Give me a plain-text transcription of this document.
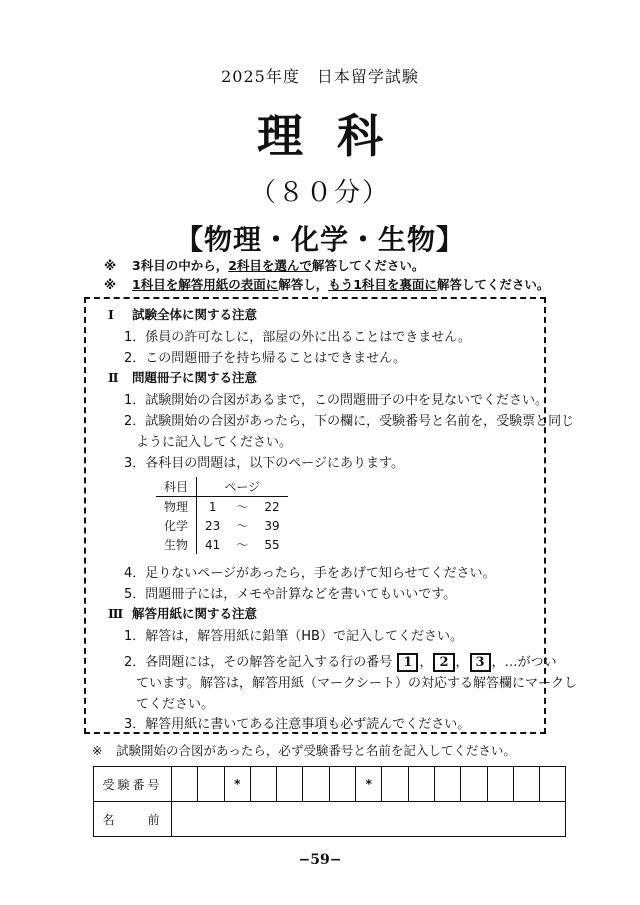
2025年度　日本留学試験
理科
（８０分）
【物理・化学・生物】
※ 3科目の中から，2科目を選んで解答してください。
※ 1科目を解答用紙の表面に解答し，もう1科目を裏面に解答してください。
Ⅰ 試験全体に関する注意
1．係員の許可なしに，部屋の外に出ることはできません。
2．この問題冊子を持ち帰ることはできません。
Ⅱ 問題冊子に関する注意
1．試験開始の合図があるまで，この問題冊子の中を見ないでください。
2．試験開始の合図があったら，下の欄に，受験番号と名前を，受験票と同じ
ように記入してください。
3．各科目の問題は，以下のページにあります。
科目	ページ		
物理	1	〜	22
化学	23	〜	39
生物	41	〜	55
4．足りないページがあったら，手をあげて知らせてください。
5．問題冊子には，メモや計算などを書いてもいいです。
Ⅲ 解答用紙に関する注意
1．解答は，解答用紙に鉛筆（HB）で記入してください。
2．各問題には，その解答を記入する行の番号 1 ， 2 ， 3 ，…がつい
ています。解答は，解答用紙（マークシート）の対応する解答欄にマークし
てください。
3．解答用紙に書いてある注意事項も必ず読んでください。
※ 試験開始の合図があったら，必ず受験番号と名前を記入してください。
受験番号			*					*							
名　　前															
−59−
